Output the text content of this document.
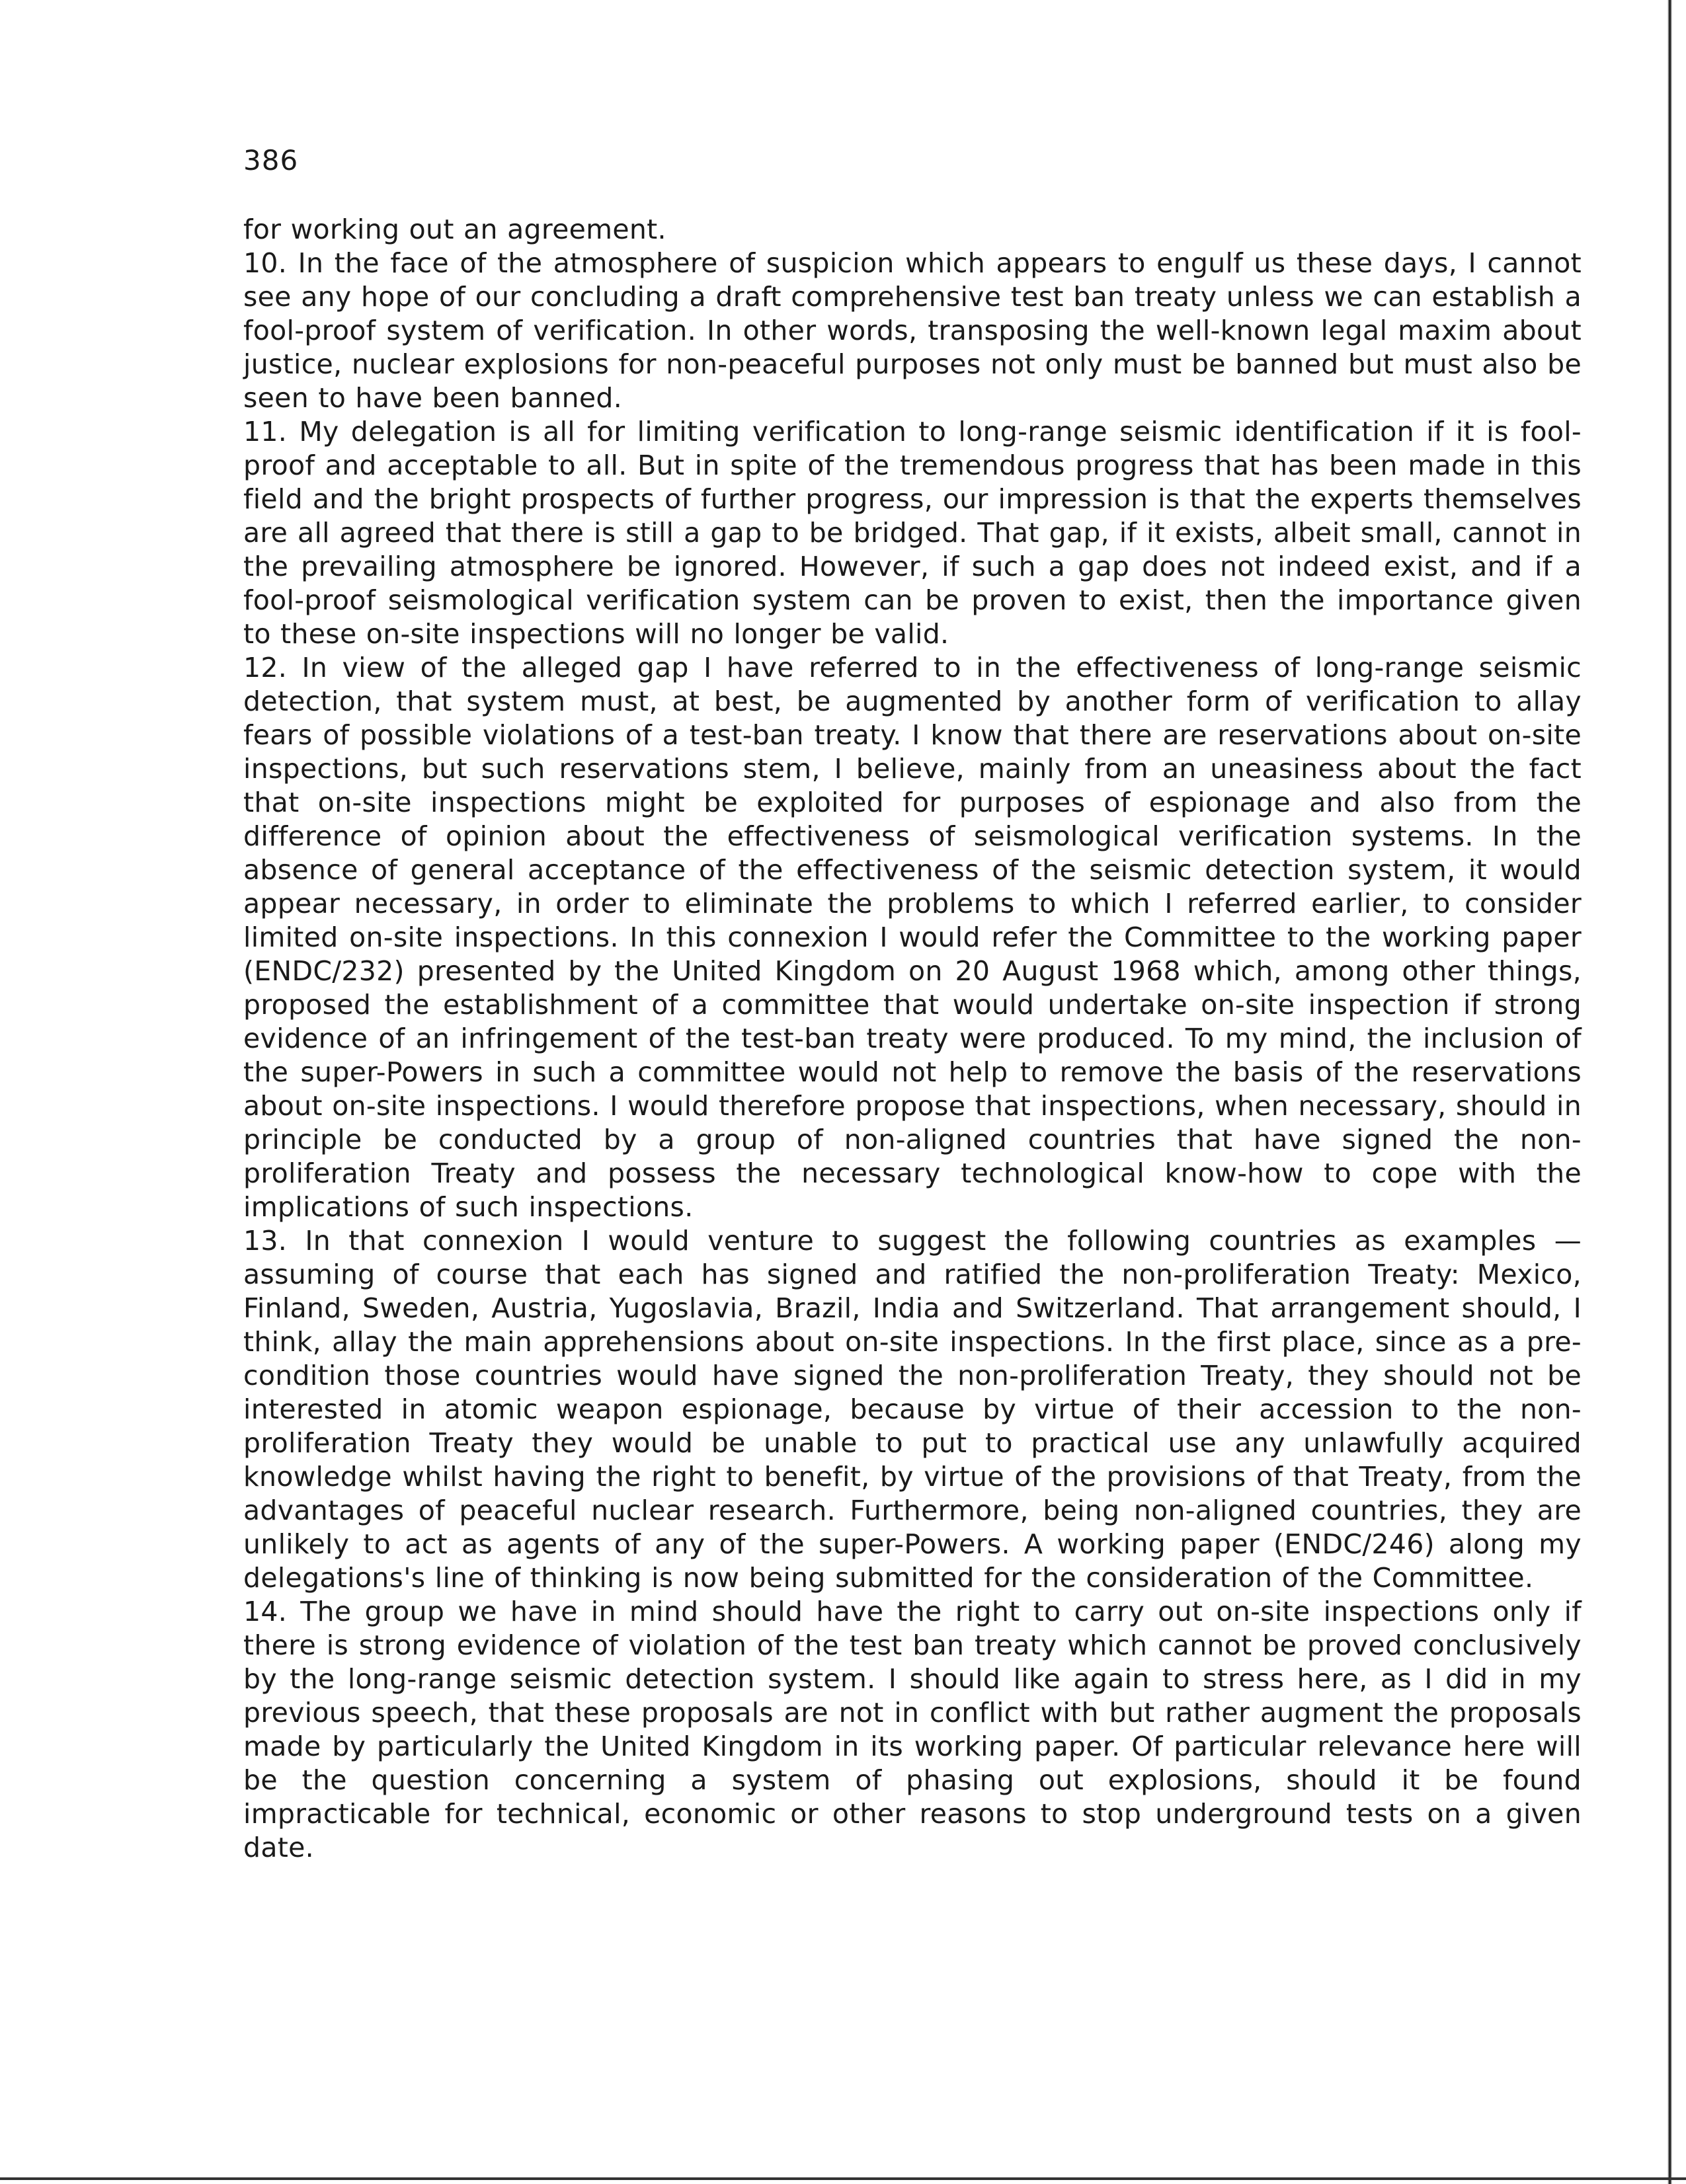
386

for working out an agreement.

10. In the face of the atmosphere of suspicion which appears to engulf us these days, I cannot see any hope of our concluding a draft comprehensive test ban treaty unless we can establish a fool-proof system of verification. In other words, transposing the well-known legal maxim about justice, nuclear explosions for non-peaceful purposes not only must be banned but must also be seen to have been banned.

11. My delegation is all for limiting verification to long-range seismic identification if it is fool-proof and acceptable to all. But in spite of the tremendous progress that has been made in this field and the bright prospects of further progress, our impression is that the experts themselves are all agreed that there is still a gap to be bridged. That gap, if it exists, albeit small, cannot in the prevailing atmosphere be ignored. However, if such a gap does not indeed exist, and if a fool-proof seismological verification system can be proven to exist, then the importance given to these on-site inspections will no longer be valid.

12. In view of the alleged gap I have referred to in the effectiveness of long-range seismic detection, that system must, at best, be augmented by another form of verification to allay fears of possible violations of a test-ban treaty. I know that there are reservations about on-site inspections, but such reservations stem, I believe, mainly from an uneasiness about the fact that on-site inspections might be exploited for purposes of espionage and also from the difference of opinion about the effectiveness of seismological verification systems. In the absence of general acceptance of the effectiveness of the seismic detection system, it would appear necessary, in order to eliminate the problems to which I referred earlier, to consider limited on-site inspections. In this connexion I would refer the Committee to the working paper (ENDC/232) presented by the United Kingdom on 20 August 1968 which, among other things, proposed the establishment of a committee that would undertake on-site inspection if strong evidence of an infringement of the test-ban treaty were produced. To my mind, the inclusion of the super-Powers in such a committee would not help to remove the basis of the reservations about on-site inspections. I would therefore propose that inspections, when necessary, should in principle be conducted by a group of non-aligned countries that have signed the non-proliferation Treaty and possess the necessary technological know-how to cope with the implications of such inspections.

13. In that connexion I would venture to suggest the following countries as examples — assuming of course that each has signed and ratified the non-proliferation Treaty: Mexico, Finland, Sweden, Austria, Yugoslavia, Brazil, India and Switzerland. That arrangement should, I think, allay the main apprehensions about on-site inspections. In the first place, since as a pre-condition those countries would have signed the non-proliferation Treaty, they should not be interested in atomic weapon espionage, because by virtue of their accession to the non-proliferation Treaty they would be unable to put to practical use any unlawfully acquired knowledge whilst having the right to benefit, by virtue of the provisions of that Treaty, from the advantages of peaceful nuclear research. Furthermore, being non-aligned countries, they are unlikely to act as agents of any of the super-Powers. A working paper (ENDC/246) along my delegations's line of thinking is now being submitted for the consideration of the Committee.

14. The group we have in mind should have the right to carry out on-site inspections only if there is strong evidence of violation of the test ban treaty which cannot be proved conclusively by the long-range seismic detection system. I should like again to stress here, as I did in my previous speech, that these proposals are not in conflict with but rather augment the proposals made by particularly the United Kingdom in its working paper. Of particular relevance here will be the question concerning a system of phasing out explosions, should it be found impracticable for technical, economic or other reasons to stop underground tests on a given date.
